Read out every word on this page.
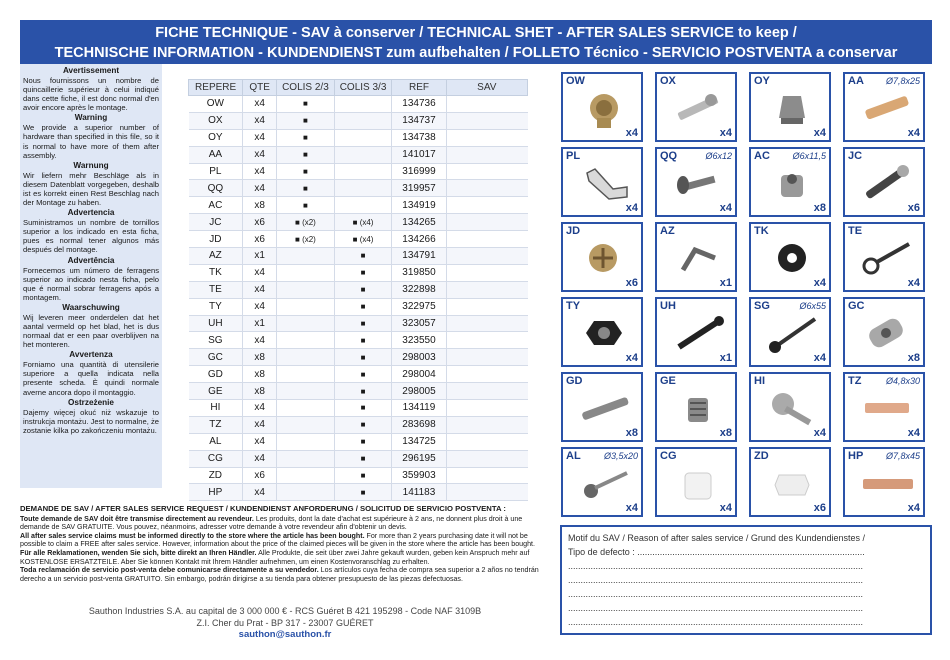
FICHE TECHNIQUE - SAV à conserver / TECHNICAL SHET - AFTER SALES SERVICE to keep /
TECHNISCHE INFORMATION - KUNDENDIENST zum aufbehalten / FOLLETO Técnico - SERVICIO POSTVENTA a conservar
Avertissement
Nous fournissons un nombre de quincaillerie supérieur à celui indiqué dans cette fiche, il est donc normal d'en avoir encore après le montage.
Warning
We provide a superior number of hardware than specified in this file, so it is normal to have more of them after assembly.
Warnung
Wir liefern mehr Beschläge als in diesem Datenblatt vorgegeben, deshalb ist es korrekt einen Rest Beschlag nach der Montage zu haben.
Advertencia
Suministramos un nombre de tornillos superior a los indicado en esta ficha, pues es normal tener algunos más después del montage.
Advertência
Fornecemos um número de ferragens superior ao indicado nesta ficha, pelo que é normal sobrar ferragens após a montagem.
Waarschuwing
Wij leveren meer onderdelen dat het aantal vermeld op het blad, het is dus normaal dat er een paar overblijven na het monteren.
Avvertenza
Forniamo una quantità di utensilerie superiore a quella indicata nella presente scheda. È quindi normale averne ancora dopo il montaggio.
Ostrzeżenie
Dajemy więcej okuć niż wskazuje to instrukcja montażu. Jest to normalne, że zostanie kilka po zakończeniu montażu.
REPERE	QTE	COLIS 2/3	COLIS 3/3	REF	SAV
OW	x4	■		134736	
OX	x4	■		134737	
OY	x4	■		134738	
AA	x4	■		141017	
PL	x4	■		316999	
QQ	x4	■		319957	
AC	x8	■		134919	
JC	x6	■ (x2)	■ (x4)	134265	
JD	x6	■ (x2)	■ (x4)	134266	
AZ	x1		■	134791	
TK	x4		■	319850	
TE	x4		■	322898	
TY	x4		■	322975	
UH	x1		■	323057	
SG	x4		■	323550	
GC	x8		■	298003	
GD	x8		■	298004	
GE	x8		■	298005	
HI	x4		■	134119	
TZ	x4		■	283698	
AL	x4		■	134725	
CG	x4		■	296195	
ZD	x6		■	359903	
HP	x4		■	141183	
DEMANDE DE SAV / AFTER SALES SERVICE REQUEST / KUNDENDIENST ANFORDERUNG / SOLICITUD DE SERVICIO POSTVENTA :
Toute demande de SAV doit être transmise directement au revendeur. Les produits, dont la date d'achat est supérieure à 2 ans, ne donnent plus droit à une demande de SAV GRATUITE. Vous pouvez, néanmoins, adresser votre demande à votre revendeur afin d'obtenir un devis.
All after sales service claims must be informed directly to the store where the article has been bought. For more than 2 years purchasing date it will not be possible to claim a FREE after sales service. However, information about the price of the claimed pieces will be given in the store where the article has been bought.
Für alle Reklamationen, wenden Sie sich, bitte direkt an Ihren Händler. Alle Produkte, die seit über zwei Jahre gekauft wurden, geben kein Anspruch mehr auf KOSTENLOSE ERSATZTEILE. Aber Sie können Kontakt mit Ihrem Händler aufnehmen, um einen Kostenvoranschlag zu erhalten.
Toda reclamación de servicio post-venta debe comunicarse directamente a su vendedor. Los artículos cuya fecha de compra sea superior a 2 años no tendrán derecho a un servicio post-venta GRATUITO. Sin embargo, podrán dirigirse a su tienda para obtener presupuesto de las piezas defectuosas.
Sauthon Industries S.A. au capital de 3 000 000 € - RCS Guéret B 421 195298 - Code NAF 3109B
Z.I. Cher du Prat - BP 317 - 23007 GUÉRET
sauthon@sauthon.fr
OW
x4
OX
x4
OY
x4
AA Ø7,8x25
x4
PL
x4
QQ	Ø6x12
x4
AC	Ø6x11,5
x8
JC
x6
JD
x6
AZ
x1
TK
x4
TE
x4
TY
x4
UH
x1
SG	Ø6x55
x4
GC
x8
GD
x8
GE
x8
HI
x4
TZ	Ø4,8x30
x4
AL	Ø3,5x20
x4
CG
x4
ZD
x6
HP	Ø7,8x45
x4
Motif du SAV / Reason of after sales service / Grund des Kundendienstes /
Tipo de defecto : ...........................................................................................
......................................................................................................................
......................................................................................................................
......................................................................................................................
......................................................................................................................
......................................................................................................................
